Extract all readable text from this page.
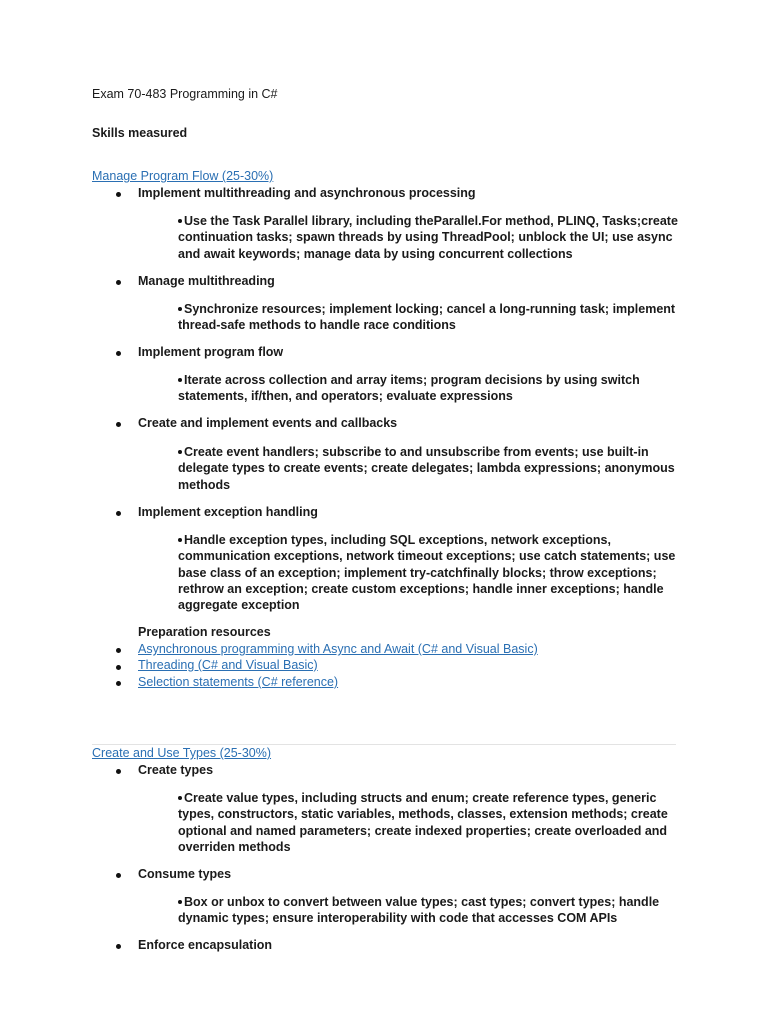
Exam 70-483 Programming in C#
Skills measured
Manage Program Flow (25-30%)
Implement multithreading and asynchronous processing
Use the Task Parallel library, including theParallel.For method, PLINQ, Tasks;create continuation tasks; spawn threads by using ThreadPool; unblock the UI; use async and await keywords; manage data by using concurrent collections
Manage multithreading
Synchronize resources; implement locking; cancel a long-running task; implement thread-safe methods to handle race conditions
Implement program flow
Iterate across collection and array items; program decisions by using switch statements, if/then, and operators; evaluate expressions
Create and implement events and callbacks
Create event handlers; subscribe to and unsubscribe from events; use built-in delegate types to create events; create delegates; lambda expressions; anonymous methods
Implement exception handling
Handle exception types, including SQL exceptions, network exceptions, communication exceptions, network timeout exceptions; use catch statements; use base class of an exception; implement try-catchfinally blocks; throw exceptions; rethrow an exception; create custom exceptions; handle inner exceptions; handle aggregate exception
Preparation resources
Asynchronous programming with Async and Await (C# and Visual Basic)
Threading (C# and Visual Basic)
Selection statements (C# reference)
Create and Use Types (25-30%)
Create types
Create value types, including structs and enum; create reference types, generic types, constructors, static variables, methods, classes, extension methods; create optional and named parameters; create indexed properties; create overloaded and overriden methods
Consume types
Box or unbox to convert between value types; cast types; convert types; handle dynamic types; ensure interoperability with code that accesses COM APIs
Enforce encapsulation
